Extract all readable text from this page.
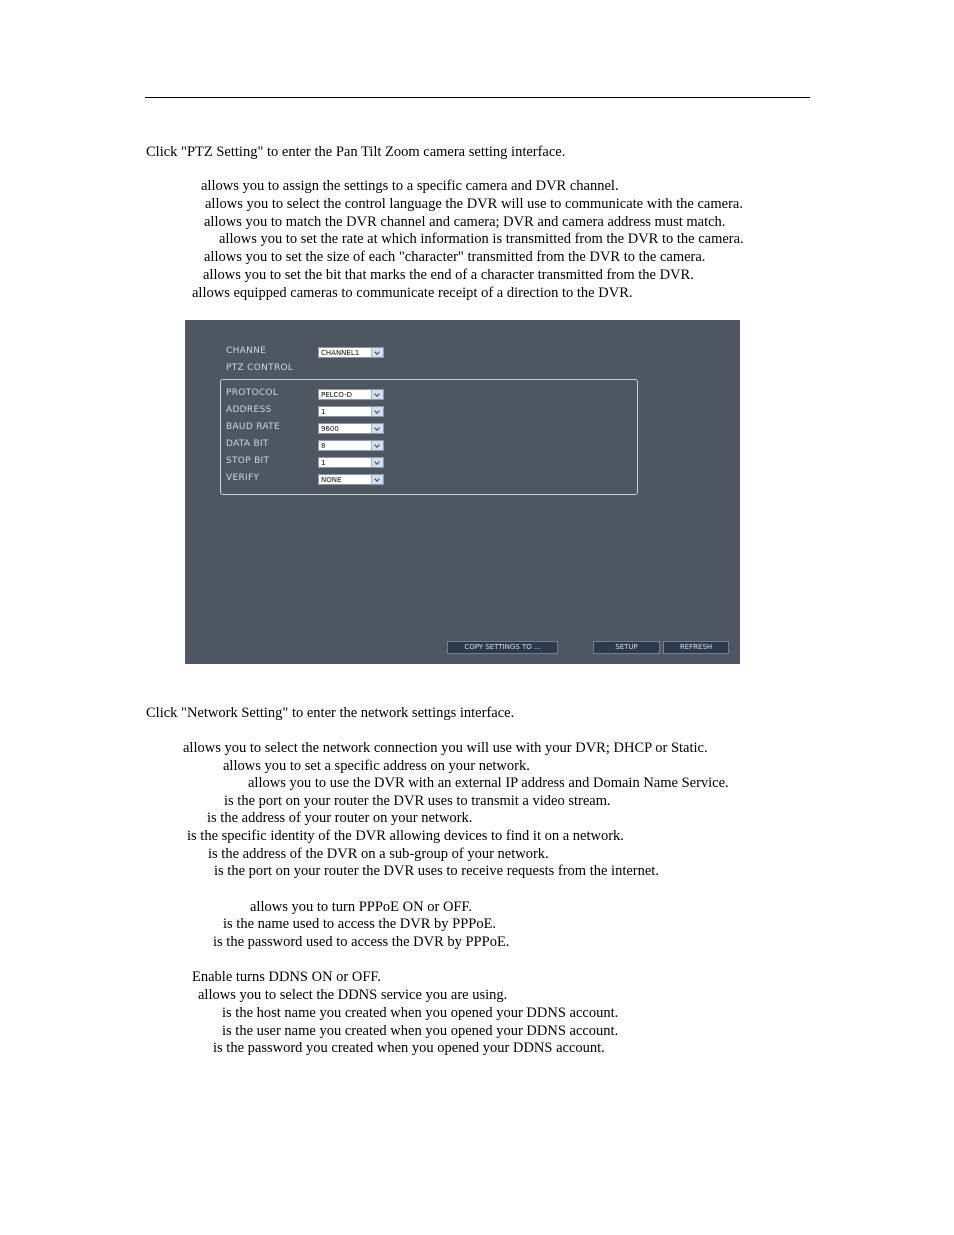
Click "PTZ Setting" to enter the Pan Tilt Zoom camera setting interface.
allows you to assign the settings to a specific camera and DVR channel.
allows you to select the control language the DVR will use to communicate with the camera.
allows you to match the DVR channel and camera; DVR and camera address must match.
allows you to set the rate at which information is transmitted from the DVR to the camera.
allows you to set the size of each "character" transmitted from the DVR to the camera.
allows you to set the bit that marks the end of a character transmitted from the DVR.
allows equipped cameras to communicate receipt of a direction to the DVR.
CHANNE	CHANNEL1
PTZ CONTROL
PROTOCOL	PELCO-D
ADDRESS	1
BAUD RATE	9600
DATA BIT	8
STOP BIT	1
VERIFY	NONE
COPY SETTINGS TO ...	SETUP	REFRESH
Click "Network Setting" to enter the network settings interface.
allows you to select the network connection you will use with your DVR; DHCP or Static.
allows you to set a specific address on your network.
allows you to use the DVR with an external IP address and Domain Name Service.
is the port on your router the DVR uses to transmit a video stream.
is the address of your router on your network.
is the specific identity of the DVR allowing devices to find it on a network.
is the address of the DVR on a sub-group of your network.
is the port on your router the DVR uses to receive requests from the internet.
allows you to turn PPPoE ON or OFF.
is the name used to access the DVR by PPPoE.
is the password used to access the DVR by PPPoE.
Enable turns DDNS ON or OFF.
allows you to select the DDNS service you are using.
is the host name you created when you opened your DDNS account.
is the user name you created when you opened your DDNS account.
is the password you created when you opened your DDNS account.
